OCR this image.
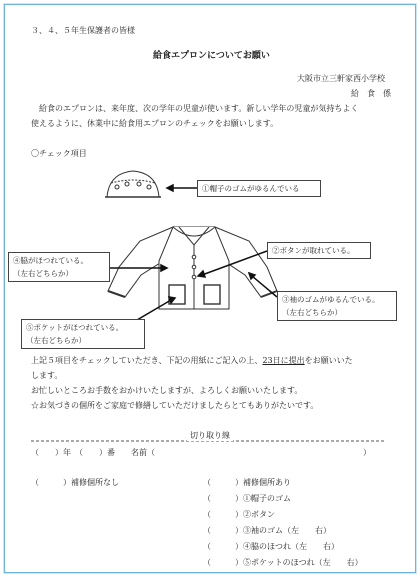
３、４、５年生保護者の皆様
給食エプロンについてお願い
大阪市立三軒家西小学校
給　食　係
給食のエプロンは、来年度、次の学年の児童が使います。新しい学年の児童が気持ちよく
使えるように、休業中に給食用エプロンのチェックをお願いします。
〇チェック項目
①帽子のゴムがゆるんでいる
②ボタンが取れている。
④脇がほつれている。
（左右どちらか）
③袖のゴムがゆるんでいる。
（左右どちらか）
⑤ポケットがほつれている。
（左右どちらか）
上記５項目をチェックしていただき、下記の用紙にご記入の上、23日に提出をお願いいた
します。
お忙しいところお手数をおかけいたしますが、よろしくお願いいたします。
☆お気づきの個所をご家庭で修繕していただけましたらとてもありがたいです。
切り取り線
（　　）年　（　　）番　　名前（　　　　　　　　　　　　　　　　　　　　　　　　　　）
（　　　）補修個所なし	（　　　）補修個所あり
（　　　）①帽子のゴム
（　　　）②ボタン
（　　　）③袖のゴム（左　　右）
（　　　）④脇のほつれ（左　　右）
（　　　）⑤ポケットのほつれ（左　　右）
